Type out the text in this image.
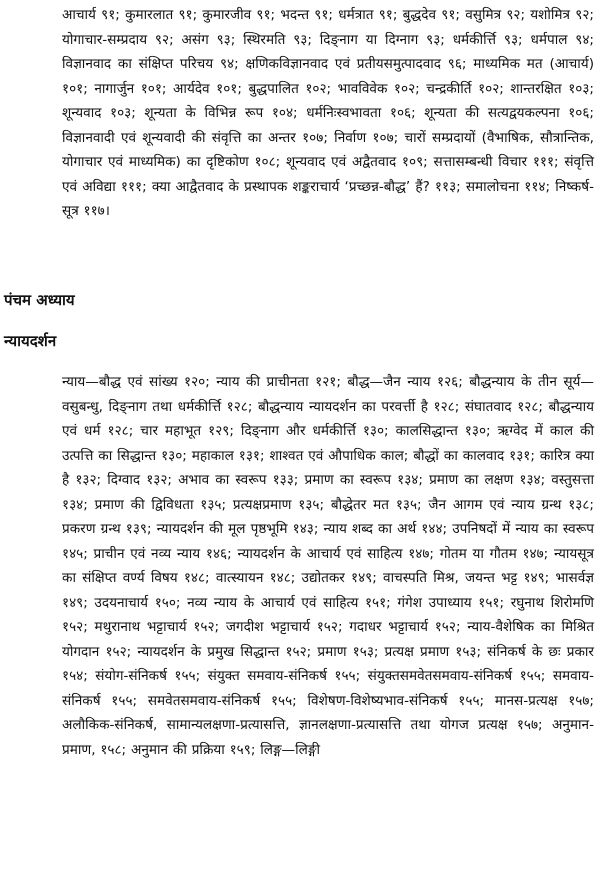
आचार्य ९१; कुमारलात ९१; कुमारजीव ९१; भदन्त ९१; धर्मत्रात ९१; बुद्धदेव ९१; वसुमित्र ९२; यशोमित्र ९२; योगाचार-सम्प्रदाय ९२; असंग ९३; स्थिरमति ९३; दिङ्नाग या दिग्नाग ९३; धर्मकीर्त्ति ९३; धर्मपाल ९४; विज्ञानवाद का संक्षिप्त परिचय ९४; क्षणिकविज्ञानवाद एवं प्रतीयसमुत्पादवाद ९६; माध्यमिक मत (आचार्य) १०१; नागार्जुन १०१; आर्यदेव १०१; बुद्धपालित १०२; भावविवेक १०२; चन्द्रकीर्ति १०२; शान्तरक्षित १०३; शून्यवाद १०३; शून्यता के विभिन्न रूप १०४; धर्मनिःस्वभावता १०६; शून्यता की सत्यद्वयकल्पना १०६; विज्ञानवादी एवं शून्यवादी की संवृत्ति का अन्तर १०७; निर्वाण १०७; चारों सम्प्रदायों (वैभाषिक, सौत्रान्तिक, योगाचार एवं माध्यमिक) का दृष्टिकोण १०८; शून्यवाद एवं अद्वैतवाद १०९; सत्तासम्बन्धी विचार १११; संवृत्ति एवं अविद्या १११; क्या आद्वैतवाद के प्रस्थापक शङ्कराचार्य ‘प्रच्छन्न-बौद्ध’ हैं? ११३; समालोचना ११४; निष्कर्ष-सूत्र ११७।

पंचम अध्याय
न्यायदर्शन

न्याय—बौद्ध एवं सांख्य १२०; न्याय की प्राचीनता १२१; बौद्ध—जैन न्याय १२६; बौद्धन्याय के तीन सूर्य—वसुबन्धु, दिङ्नाग तथा धर्मकीर्त्ति १२८; बौद्धन्याय न्यायदर्शन का परवर्त्ती है १२८; संघातवाद १२८; बौद्धन्याय एवं धर्म १२८; चार महाभूत १२९; दिङ्नाग और धर्मकीर्त्ति १३०; कालसिद्धान्त १३०; ऋग्वेद में काल की उत्पत्ति का सिद्धान्त १३०; महाकाल १३१; शाश्वत एवं औपाधिक काल; बौद्धों का कालवाद १३१; कारित्र क्या है १३२; दिग्वाद १३२; अभाव का स्वरूप १३३; प्रमाण का स्वरूप १३४; प्रमाण का लक्षण १३४; वस्तुसत्ता १३४; प्रमाण की द्विविधता १३५; प्रत्यक्षप्रमाण १३५; बौद्धेतर मत १३५; जैन आगम एवं न्याय ग्रन्थ १३८; प्रकरण ग्रन्थ १३९; न्यायदर्शन की मूल पृष्ठभूमि १४३; न्याय शब्द का अर्थ १४४; उपनिषदों में न्याय का स्वरूप १४५; प्राचीन एवं नव्य न्याय १४६; न्यायदर्शन के आचार्य एवं साहित्य १४७; गोतम या गौतम १४७; न्यायसूत्र का संक्षिप्त वर्ण्य विषय १४८; वात्स्यायन १४८; उद्योतकर १४९; वाचस्पति मिश्र, जयन्त भट्ट १४९; भासर्वज्ञ १४९; उदयनाचार्य १५०; नव्य न्याय के आचार्य एवं साहित्य १५१; गंगेश उपाध्याय १५१; रघुनाथ शिरोमणि १५२; मथुरानाथ भट्टाचार्य १५२; जगदीश भट्टाचार्य १५२; गदाधर भट्टाचार्य १५२; न्याय-वैशेषिक का मिश्रित योगदान १५२; न्यायदर्शन के प्रमुख सिद्धान्त १५२; प्रमाण १५३; प्रत्यक्ष प्रमाण १५३; संनिकर्ष के छः प्रकार १५४; संयोग-संनिकर्ष १५५; संयुक्त समवाय-संनिकर्ष १५५; संयुक्तसमवेतसमवाय-संनिकर्ष १५५; समवाय-संनिकर्ष १५५; समवेतसमवाय-संनिकर्ष १५५; विशेषण-विशेष्यभाव-संनिकर्ष १५५; मानस-प्रत्यक्ष १५७; अलौकिक-संनिकर्ष, सामान्यलक्षणा-प्रत्यासत्ति, ज्ञानलक्षणा-प्रत्यासत्ति तथा योगज प्रत्यक्ष १५७; अनुमान-प्रमाण, १५८; अनुमान की प्रक्रिया १५९; लिङ्ग—लिङ्गी
